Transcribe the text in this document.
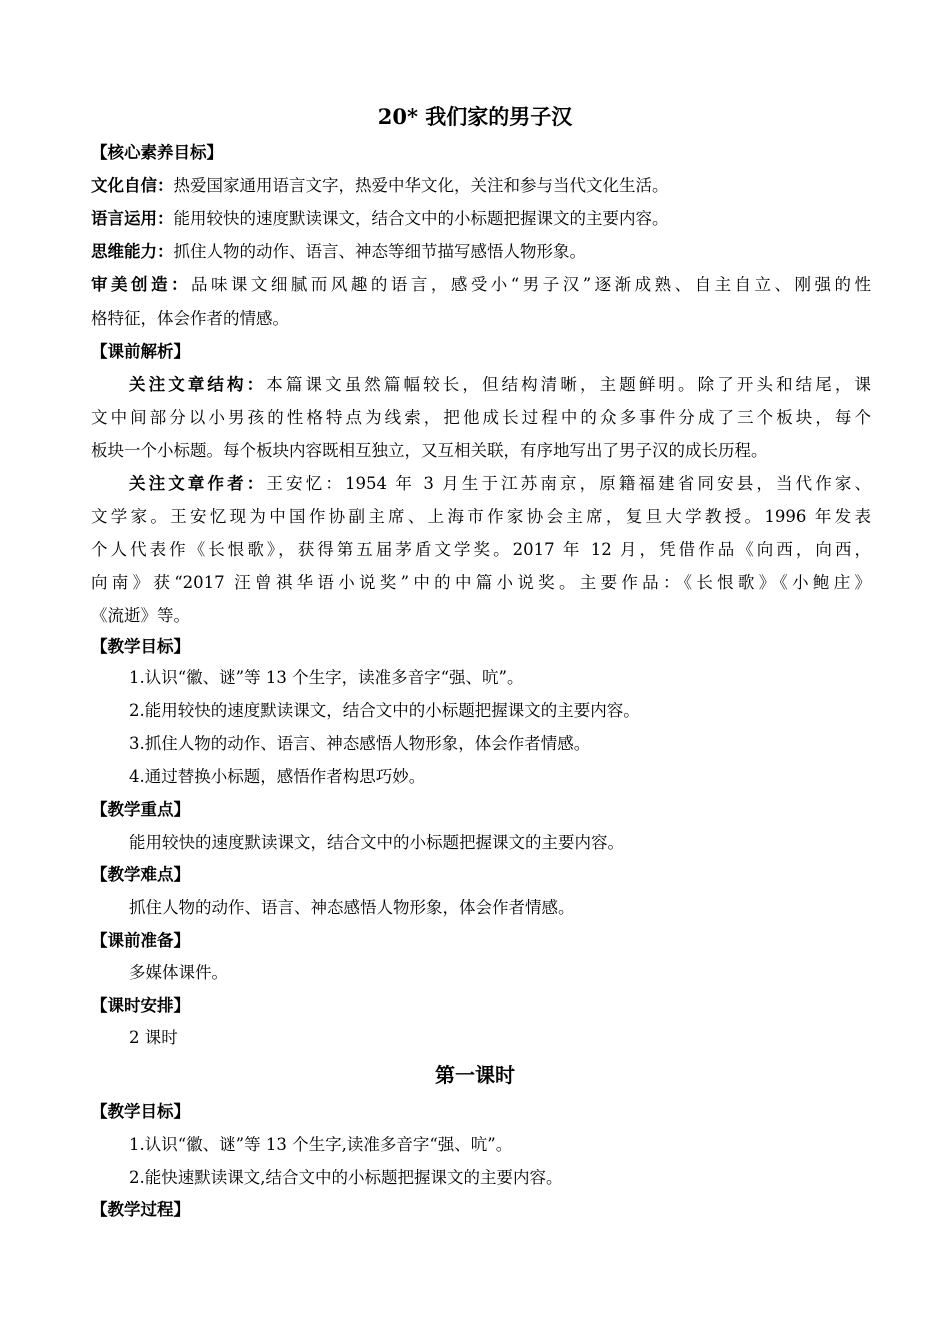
20* 我们家的男子汉
【核心素养目标】
文化自信：热爱国家通用语言文字，热爱中华文化，关注和参与当代文化生活。
语言运用：能用较快的速度默读课文，结合文中的小标题把握课文的主要内容。
思维能力：抓住人物的动作、语言、神态等细节描写感悟人物形象。
审美创造：品味课文细腻而风趣的语言，感受小“男子汉”逐渐成熟、自主自立、刚强的性
格特征，体会作者的情感。
【课前解析】
关注文章结构：本篇课文虽然篇幅较长，但结构清晰，主题鲜明。除了开头和结尾，课
文中间部分以小男孩的性格特点为线索，把他成长过程中的众多事件分成了三个板块，每个
板块一个小标题。每个板块内容既相互独立，又互相关联，有序地写出了男子汉的成长历程。
关注文章作者：王安忆：1954 年 3 月生于江苏南京，原籍福建省同安县，当代作家、
文学家。王安忆现为中国作协副主席、上海市作家协会主席，复旦大学教授。1996 年发表
个人代表作《长恨歌》，获得第五届茅盾文学奖。2017 年 12 月，凭借作品《向西，向西，
向南》获“2017 汪曾祺华语小说奖”中的中篇小说奖。主要作品：《长恨歌》《小鲍庄》
《流逝》等。
【教学目标】
1.认识“徽、谜”等 13 个生字，读准多音字“强、吭”。
2.能用较快的速度默读课文，结合文中的小标题把握课文的主要内容。
3.抓住人物的动作、语言、神态感悟人物形象，体会作者情感。
4.通过替换小标题，感悟作者构思巧妙。
【教学重点】
能用较快的速度默读课文，结合文中的小标题把握课文的主要内容。
【教学难点】
抓住人物的动作、语言、神态感悟人物形象，体会作者情感。
【课前准备】
多媒体课件。
【课时安排】
2 课时
第一课时
【教学目标】
1.认识“徽、谜”等 13 个生字,读准多音字“强、吭”。
2.能快速默读课文,结合文中的小标题把握课文的主要内容。
【教学过程】
